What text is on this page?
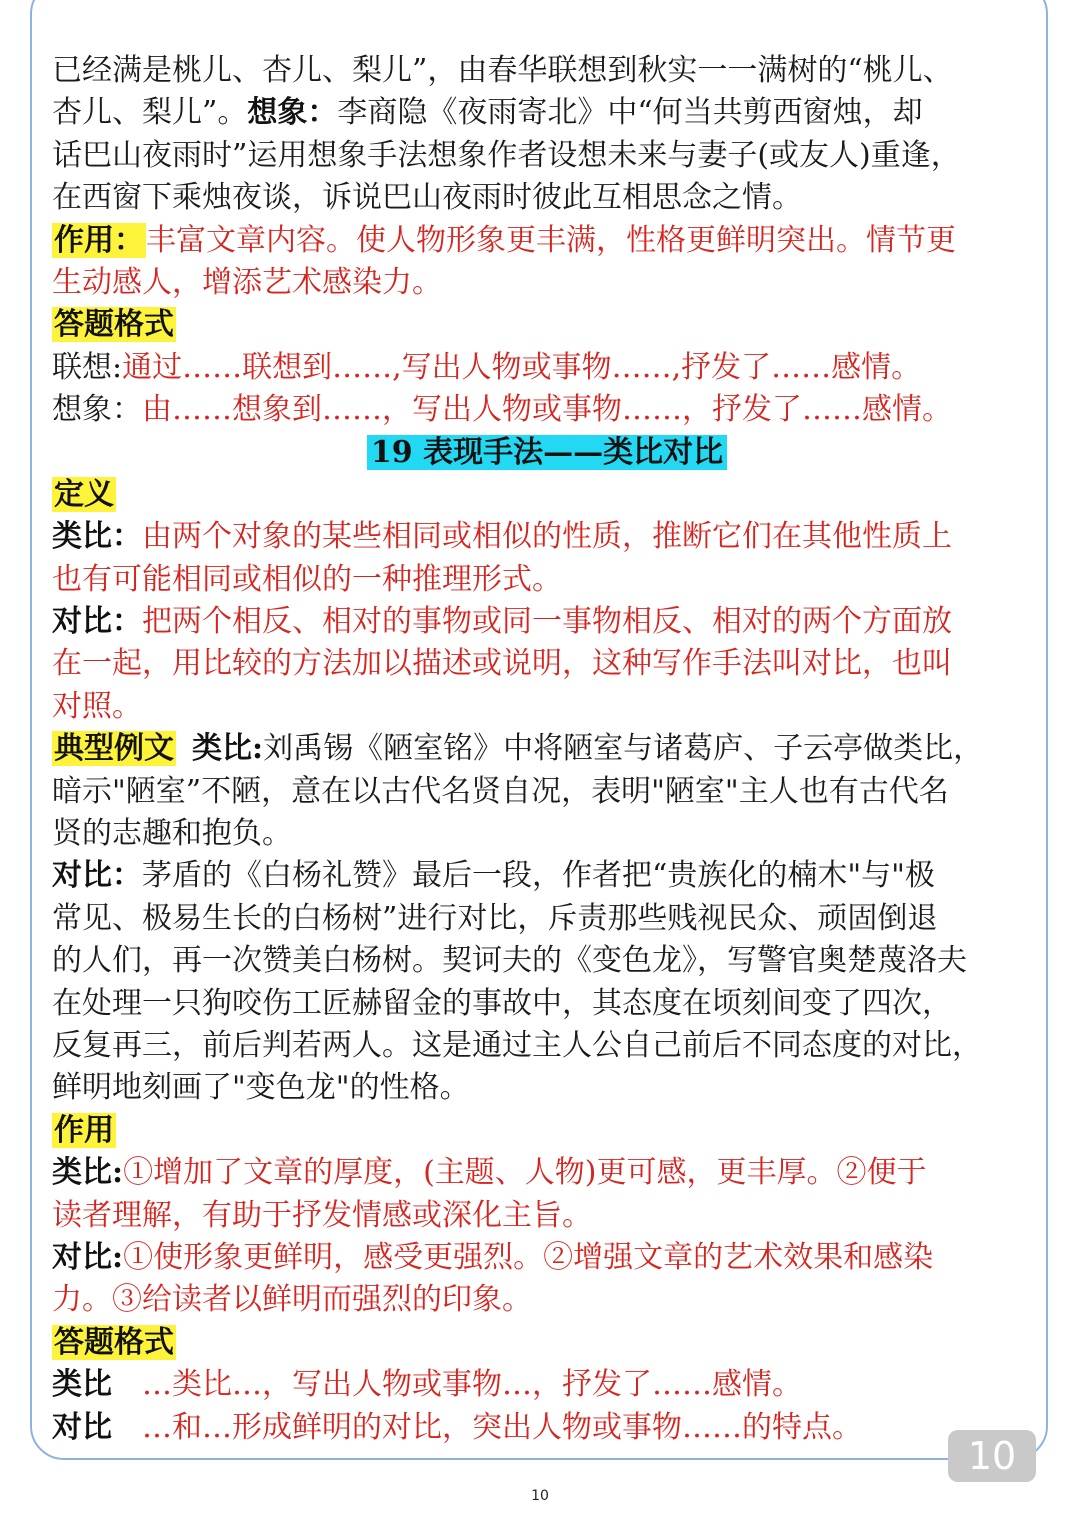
已经满是桃儿、杏儿、梨儿”，由春华联想到秋实一一满树的“桃儿、
杏儿、梨儿”。想象：李商隐《夜雨寄北》中“何当共剪西窗烛，却
话巴山夜雨时”运用想象手法想象作者设想未来与妻子(或友人)重逢，
在西窗下乘烛夜谈，诉说巴山夜雨时彼此互相思念之情。
作用：丰富文章内容。使人物形象更丰满，性格更鲜明突出。情节更
生动感人，增添艺术感染力。
答题格式
联想:通过……联想到……,写出人物或事物……,抒发了……感情。
想象：由……想象到……，写出人物或事物……，抒发了……感情。
19 表现手法——类比对比
定义
类比：由两个对象的某些相同或相似的性质，推断它们在其他性质上
也有可能相同或相似的一种推理形式。
对比：把两个相反、相对的事物或同一事物相反、相对的两个方面放
在一起，用比较的方法加以描述或说明，这种写作手法叫对比，也叫
对照。
典型例文 类比:刘禹锡《陋室铭》中将陋室与诸葛庐、子云亭做类比，
暗示"陋室”不陋，意在以古代名贤自况，表明"陋室"主人也有古代名
贤的志趣和抱负。
对比：茅盾的《白杨礼赞》最后一段，作者把“贵族化的楠木"与"极
常见、极易生长的白杨树”进行对比，斥责那些贱视民众、顽固倒退
的人们，再一次赞美白杨树。契诃夫的《变色龙》，写警官奥楚蔑洛夫
在处理一只狗咬伤工匠赫留金的事故中，其态度在顷刻间变了四次，
反复再三，前后判若两人。这是通过主人公自己前后不同态度的对比，
鲜明地刻画了"变色龙"的性格。
作用
类比:①增加了文章的厚度，(主题、人物)更可感，更丰厚。②便于
读者理解，有助于抒发情感或深化主旨。
对比:①使形象更鲜明，感受更强烈。②增强文章的艺术效果和感染
力。③给读者以鲜明而强烈的印象。
答题格式
类比 …类比…，写出人物或事物…，抒发了……感情。
对比 …和…形成鲜明的对比，突出人物或事物……的特点。
10
10
